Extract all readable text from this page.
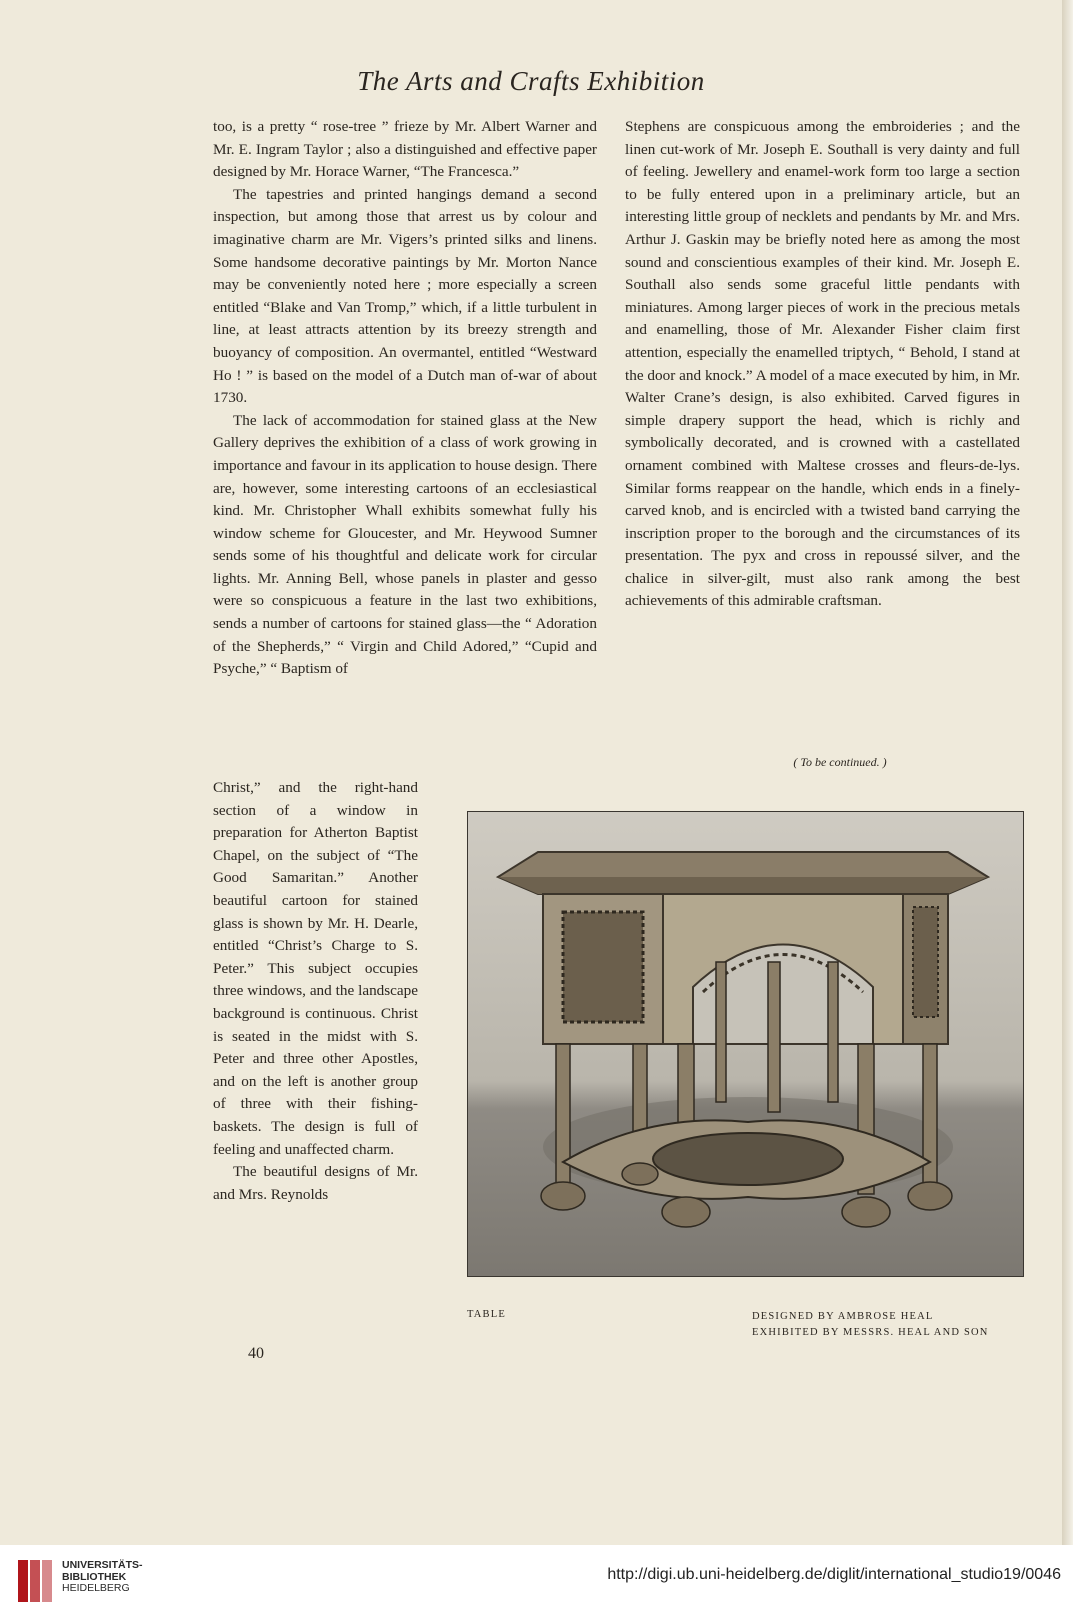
The Arts and Crafts Exhibition

too, is a pretty “ rose-tree ” frieze by Mr. Albert Warner and Mr. E. Ingram Taylor ; also a distinguished and effective paper designed by Mr. Horace Warner, “The Francesca.”

The tapestries and printed hangings demand a second inspection, but among those that arrest us by colour and imaginative charm are Mr. Vigers’s printed silks and linens. Some handsome decorative paintings by Mr. Morton Nance may be conveniently noted here ; more especially a screen entitled “Blake and Van Tromp,” which, if a little turbulent in line, at least attracts attention by its breezy strength and buoyancy of composition. An overmantel, entitled “Westward Ho ! ” is based on the model of a Dutch man of-war of about 1730.

The lack of accommodation for stained glass at the New Gallery deprives the exhibition of a class of work growing in importance and favour in its application to house design. There are, however, some interesting cartoons of an ecclesiastical kind. Mr. Christopher Whall exhibits somewhat fully his window scheme for Gloucester, and Mr. Heywood Sumner sends some of his thoughtful and delicate work for circular lights. Mr. Anning Bell, whose panels in plaster and gesso were so conspicuous a feature in the last two exhibitions, sends a number of cartoons for stained glass—the “ Adoration of the Shepherds,” “ Virgin and Child Adored,” “Cupid and Psyche,” “ Baptism of

Christ,” and the right-hand section of a window in preparation for Atherton Baptist Chapel, on the subject of “The Good Samaritan.” Another beautiful cartoon for stained glass is shown by Mr. H. Dearle, entitled “Christ’s Charge to S. Peter.” This subject occupies three windows, and the landscape background is continuous. Christ is seated in the midst with S. Peter and three other Apostles, and on the left is another group of three with their fishing-baskets. The design is full of feeling and unaffected charm.

The beautiful designs of Mr. and Mrs. Reynolds

Stephens are conspicuous among the embroideries ; and the linen cut-work of Mr. Joseph E. Southall is very dainty and full of feeling. Jewellery and enamel-work form too large a section to be fully entered upon in a preliminary article, but an interesting little group of necklets and pendants by Mr. and Mrs. Arthur J. Gaskin may be briefly noted here as among the most sound and conscientious examples of their kind. Mr. Joseph E. Southall also sends some graceful little pendants with miniatures. Among larger pieces of work in the precious metals and enamelling, those of Mr. Alexander Fisher claim first attention, especially the enamelled triptych, “ Behold, I stand at the door and knock.” A model of a mace executed by him, in Mr. Walter Crane’s design, is also exhibited. Carved figures in simple drapery support the head, which is richly and symbolically decorated, and is crowned with a castellated ornament combined with Maltese crosses and fleurs-de-lys. Similar forms reappear on the handle, which ends in a finely-carved knob, and is encircled with a twisted band carrying the inscription proper to the borough and the circumstances of its presentation. The pyx and cross in repoussé silver, and the chalice in silver-gilt, must also rank among the best achievements of this admirable craftsman.

( To be continued. )
TABLE	DESIGNED BY AMBROSE HEAL
EXHIBITED BY MESSRS. HEAL AND SON
40
UNIVERSITÄTS-
BIBLIOTHEK
HEIDELBERG
http://digi.ub.uni-heidelberg.de/diglit/international_studio19/0046
